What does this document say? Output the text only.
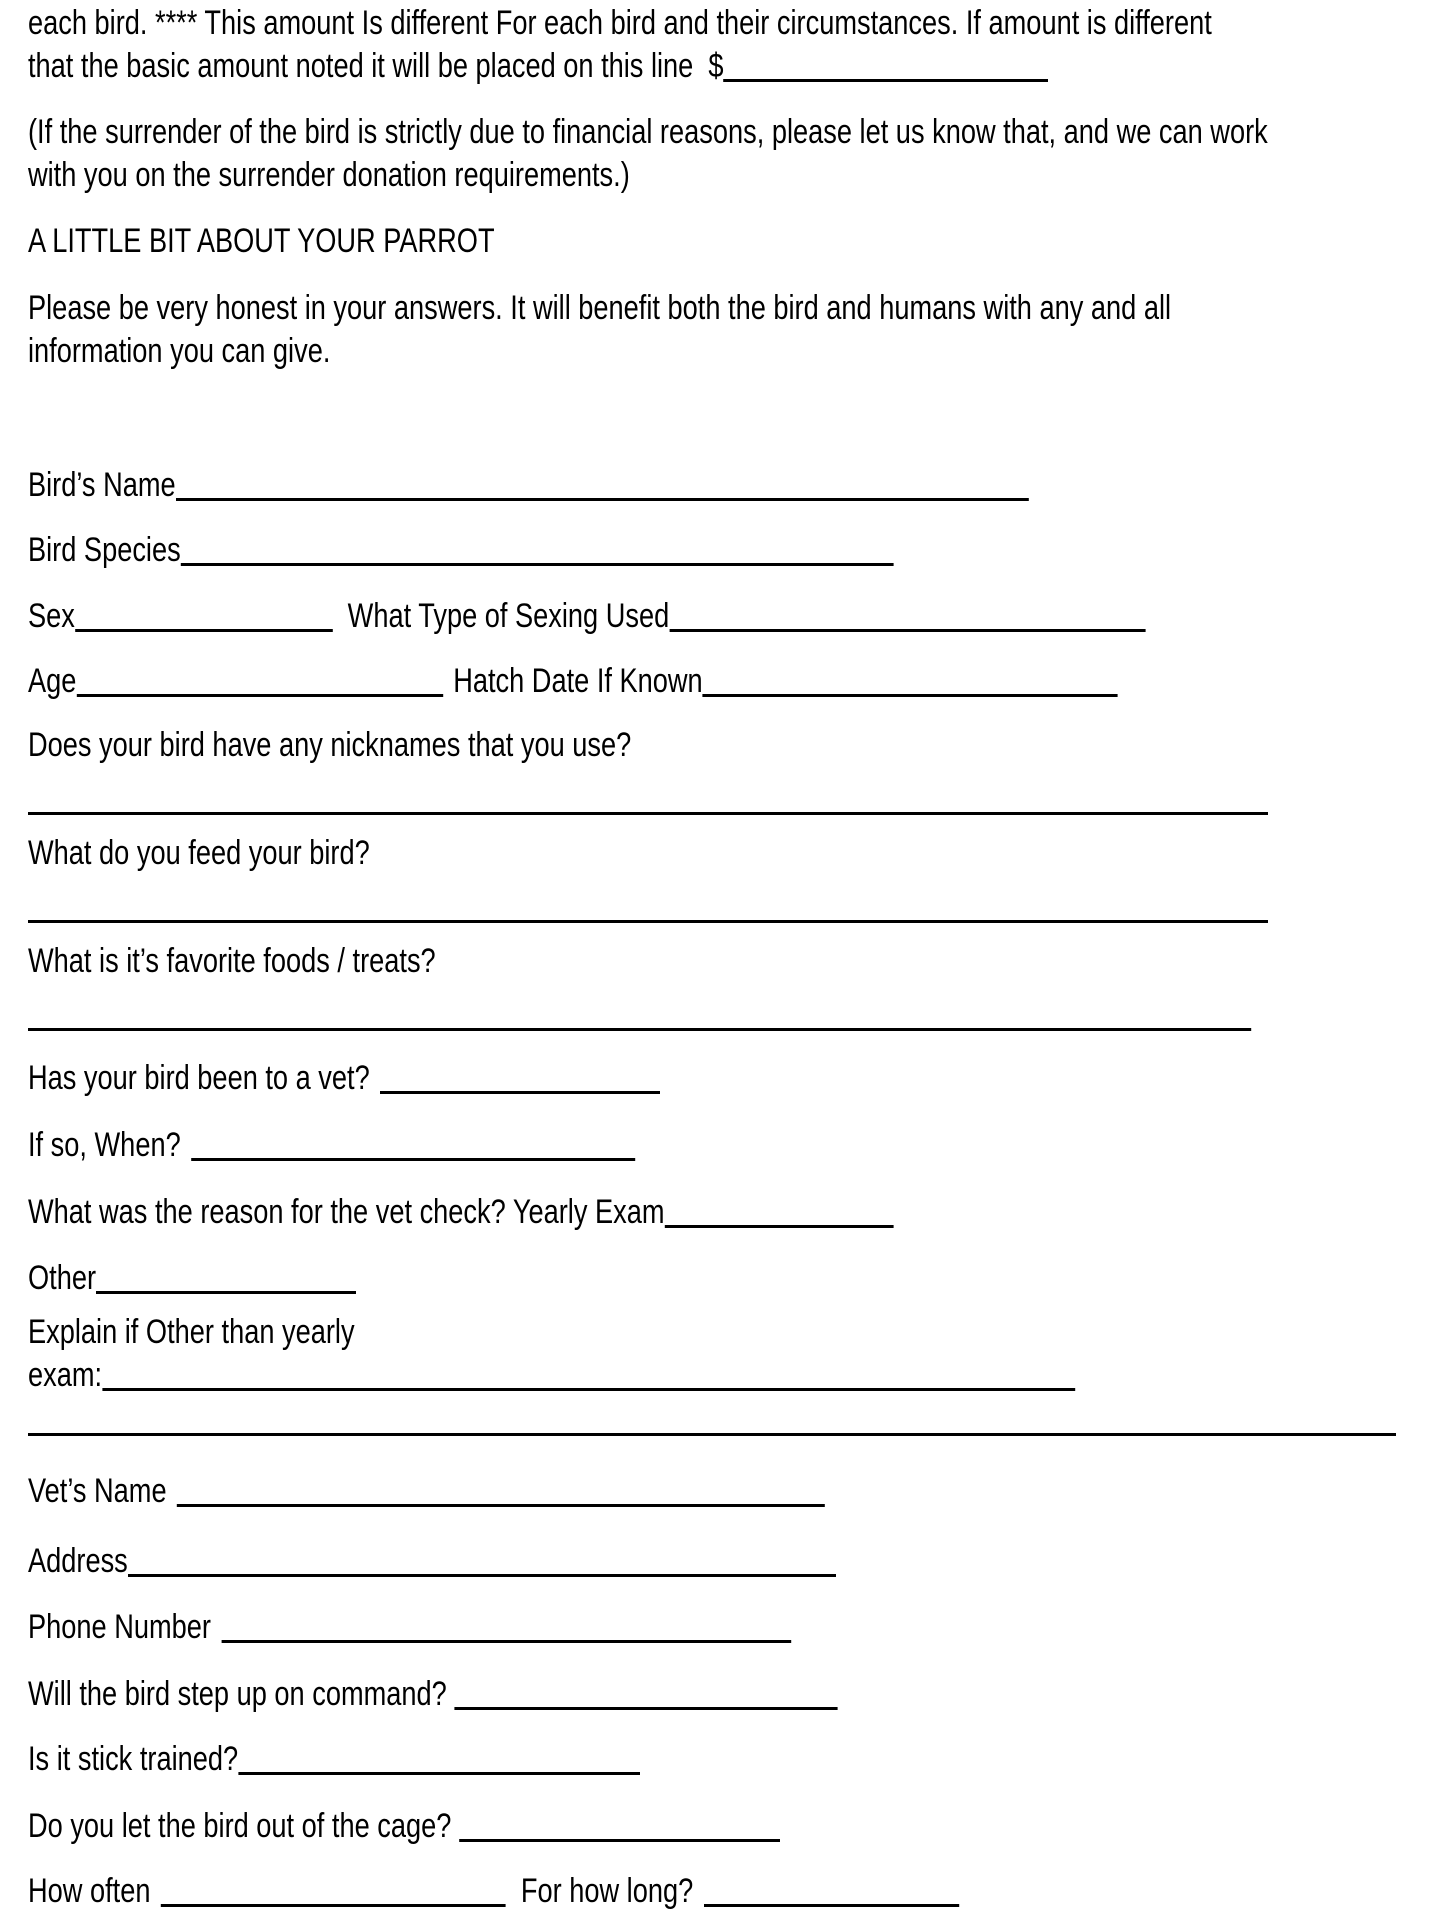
each bird. **** This amount Is different For each bird and their circumstances. If amount is different
that the basic amount noted it will be placed on this line  $
(If the surrender of the bird is strictly due to financial reasons, please let us know that, and we can work
with you on the surrender donation requirements.)
A LITTLE BIT ABOUT YOUR PARROT
Please be very honest in your answers. It will benefit both the bird and humans with any and all
information you can give.
Bird’s Name
Bird Species
Sex	What Type of Sexing Used
Age	Hatch Date If Known
Does your bird have any nicknames that you use?
What do you feed your bird?
What is it’s favorite foods / treats?
Has your bird been to a vet?
If so, When?
What was the reason for the vet check? Yearly Exam
Other
Explain if Other than yearly
exam:
Vet’s Name
Address
Phone Number
Will the bird step up on command?
Is it stick trained?
Do you let the bird out of the cage?
How often	For how long?
